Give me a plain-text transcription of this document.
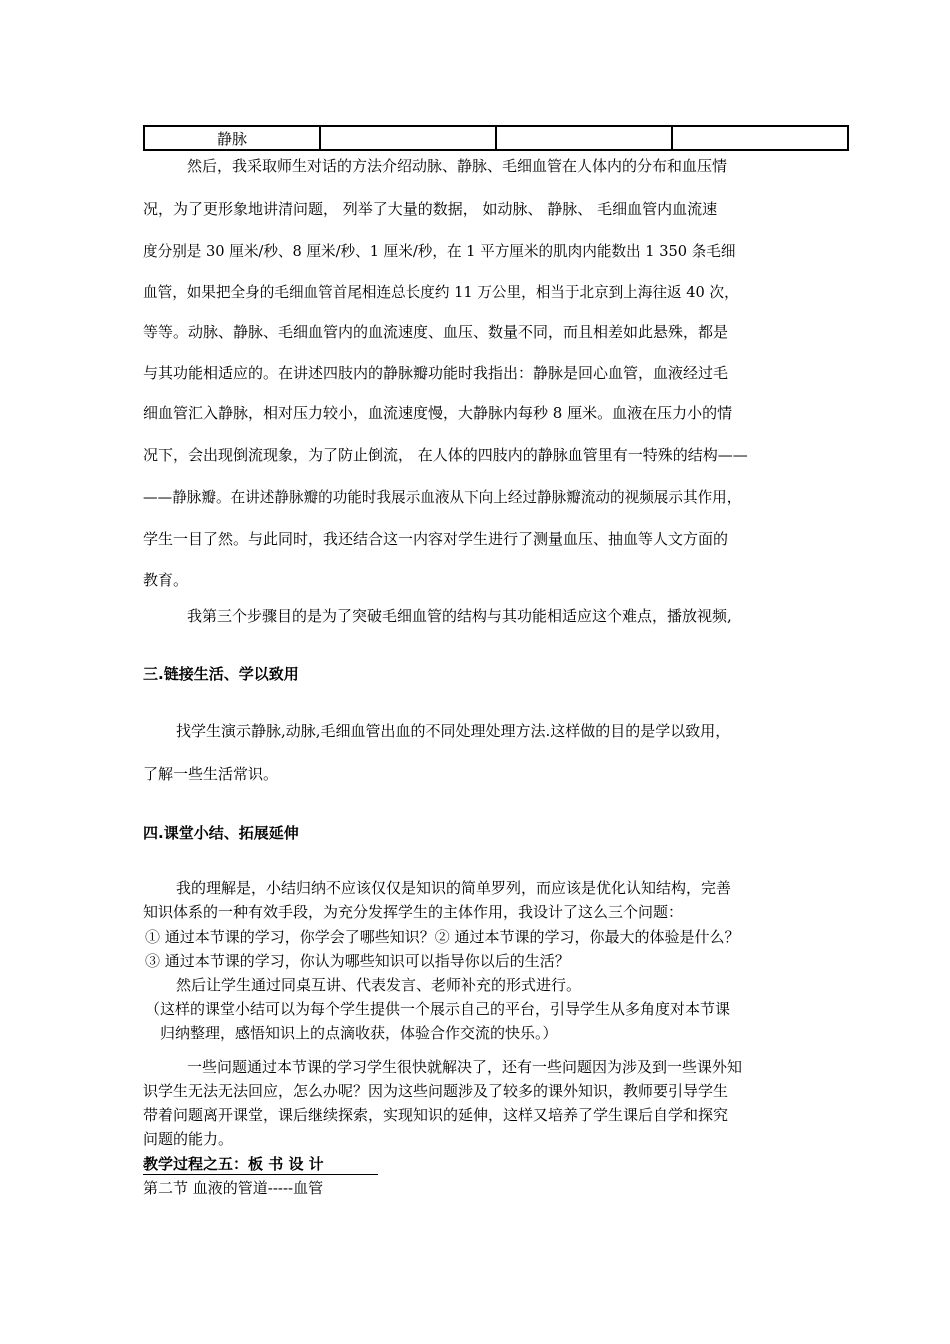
静脉			
然后，我采取师生对话的方法介绍动脉、静脉、毛细血管在人体内的分布和血压情
况，为了更形象地讲清问题， 列举了大量的数据， 如动脉、 静脉、 毛细血管内血流速
度分别是 30 厘米/秒、8 厘米/秒、1 厘米/秒，在 1 平方厘米的肌肉内能数出 1 350 条毛细
血管，如果把全身的毛细血管首尾相连总长度约 11 万公里，相当于北京到上海往返 40 次，
等等。动脉、静脉、毛细血管内的血流速度、血压、数量不同，而且相差如此悬殊，都是
与其功能相适应的。在讲述四肢内的静脉瓣功能时我指出：静脉是回心血管，血液经过毛
细血管汇入静脉，相对压力较小，血流速度慢，大静脉内每秒 8 厘米。血液在压力小的情
况下，会出现倒流现象，为了防止倒流， 在人体的四肢内的静脉血管里有一特殊的结构——
——静脉瓣。在讲述静脉瓣的功能时我展示血液从下向上经过静脉瓣流动的视频展示其作用，
学生一目了然。与此同时，我还结合这一内容对学生进行了测量血压、抽血等人文方面的
教育。
我第三个步骤目的是为了突破毛细血管的结构与其功能相适应这个难点，播放视频,
三.链接生活、学以致用
找学生演示静脉,动脉,毛细血管出血的不同处理处理方法.这样做的目的是学以致用，
了解一些生活常识。
四.课堂小结、拓展延伸
我的理解是，小结归纳不应该仅仅是知识的简单罗列，而应该是优化认知结构，完善
知识体系的一种有效手段，为充分发挥学生的主体作用，我设计了这么三个问题：
① 通过本节课的学习，你学会了哪些知识？② 通过本节课的学习，你最大的体验是什么？
③ 通过本节课的学习，你认为哪些知识可以指导你以后的生活？
然后让学生通过同桌互讲、代表发言、老师补充的形式进行。
（这样的课堂小结可以为每个学生提供一个展示自己的平台，引导学生从多角度对本节课
归纳整理，感悟知识上的点滴收获，体验合作交流的快乐。）
一些问题通过本节课的学习学生很快就解决了，还有一些问题因为涉及到一些课外知
识学生无法无法回应，怎么办呢？因为这些问题涉及了较多的课外知识，教师要引导学生
带着问题离开课堂，课后继续探索，实现知识的延伸，这样又培养了学生课后自学和探究
问题的能力。
教学过程之五：板 书 设 计
第二节 血液的管道-----血管
